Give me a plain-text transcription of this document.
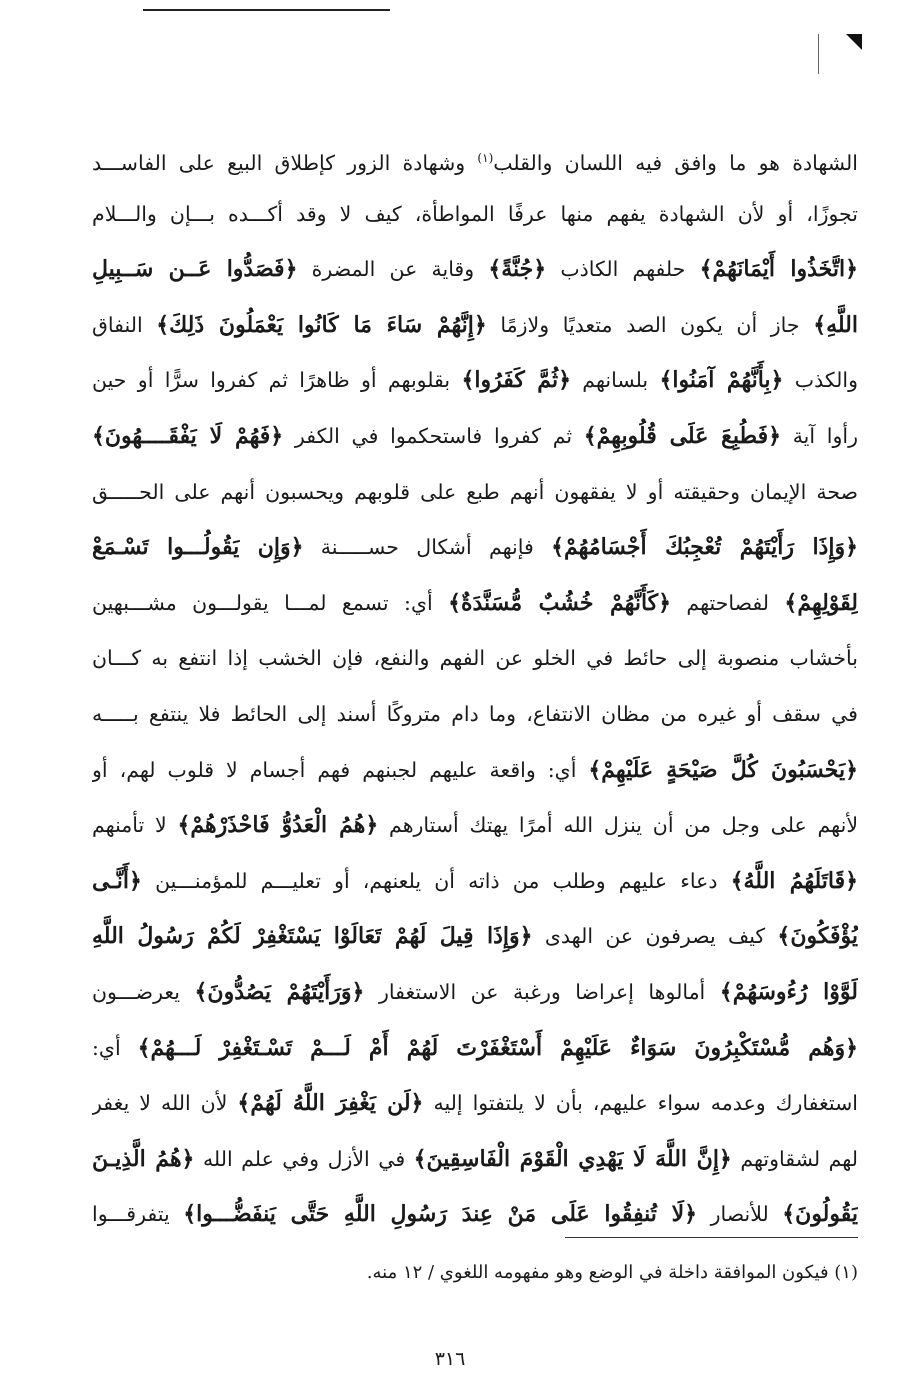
الشهادة هو ما وافق فيه اللسان والقلب$^{(١)}$ وشهادة الزور كإطلاق البيع على الفاســـد
تجوزًا، أو لأن الشهادة يفهم منها عرفًا المواطأة، كيف لا وقد أكـــده بـــإن والـــلام
﴿اتَّخَذُوا أَيْمَانَهُمْ﴾ حلفهم الكاذب ﴿جُنَّةً﴾ وقاية عن المضرة ﴿فَصَدُّوا عَــن سَــبِيلِ
اللَّهِ﴾ جاز أن يكون الصد متعديًا ولازمًا ﴿إِنَّهُمْ سَاءَ مَا كَانُوا يَعْمَلُونَ ذَلِكَ﴾ النفاق
والكذب ﴿بِأَنَّهُمْ آمَنُوا﴾ بلسانهم ﴿ثُمَّ كَفَرُوا﴾ بقلوبهم أو ظاهرًا ثم كفروا سرًّا أو حين
رأوا آية ﴿فَطُبِعَ عَلَى قُلُوبِهِمْ﴾ ثم كفروا فاستحكموا في الكفر ﴿فَهُمْ لَا يَفْقَــــهُونَ﴾
صحة الإيمان وحقيقته أو لا يفقهون أنهم طبع على قلوبهم ويحسبون أنهم على الحـــــق
﴿وَإِذَا رَأَيْتَهُمْ تُعْجِبُكَ أَجْسَامُهُمْ﴾ فإنهم أشكال حســـــنة ﴿وَإِن يَقُولُـــوا تَسْـمَعْ
لِقَوْلِهِمْ﴾ لفصاحتهم ﴿كَأَنَّهُمْ خُشُبٌ مُّسَنَّدَةٌ﴾ أي: تسمع لمـــا يقولـــون مشـــبهين
بأخشاب منصوبة إلى حائط في الخلو عن الفهم والنفع، فإن الخشب إذا انتفع به كـــان
في سقف أو غيره من مظان الانتفاع، وما دام متروكًا أسند إلى الحائط فلا ينتفع بـــــه
﴿يَحْسَبُونَ كُلَّ صَيْحَةٍ عَلَيْهِمْ﴾ أي: واقعة عليهم لجبنهم فهم أجسام لا قلوب لهم، أو
لأنهم على وجل من أن ينزل الله أمرًا يهتك أستارهم ﴿هُمُ الْعَدُوُّ فَاحْذَرْهُمْ﴾ لا تأمنهم
﴿قَاتَلَهُمُ اللَّهُ﴾ دعاء عليهم وطلب من ذاته أن يلعنهم، أو تعليـــم للمؤمنـــين ﴿أَنَّـى
يُؤْفَكُونَ﴾ كيف يصرفون عن الهدى ﴿وَإِذَا قِيلَ لَهُمْ تَعَالَوْا يَسْتَغْفِرْ لَكُمْ رَسُولُ اللَّهِ
لَوَّوْا رُءُوسَهُمْ﴾ أمالوها إعراضا ورغبة عن الاستغفار ﴿وَرَأَيْتَهُمْ يَصُدُّونَ﴾ يعرضـــون
﴿وَهُم مُّسْتَكْبِرُونَ سَوَاءٌ عَلَيْهِمْ أَسْتَغْفَرْتَ لَهُمْ أَمْ لَـــمْ تَسْـتَغْفِرْ لَـــهُمْ﴾ أي:
استغفارك وعدمه سواء عليهم، بأن لا يلتفتوا إليه ﴿لَن يَغْفِرَ اللَّهُ لَهُمْ﴾ لأن الله لا يغفر
لهم لشقاوتهم ﴿إِنَّ اللَّهَ لَا يَهْدِي الْقَوْمَ الْفَاسِقِينَ﴾ في الأزل وفي علم الله ﴿هُمُ الَّذِيـنَ
يَقُولُونَ﴾ للأنصار ﴿لَا تُنفِقُوا عَلَى مَنْ عِندَ رَسُولِ اللَّهِ حَتَّى يَنفَضُّـــوا﴾ يتفرقـــوا
(١) فيكون الموافقة داخلة في الوضع وهو مفهومه اللغوي / ١٢ منه.
٣١٦
